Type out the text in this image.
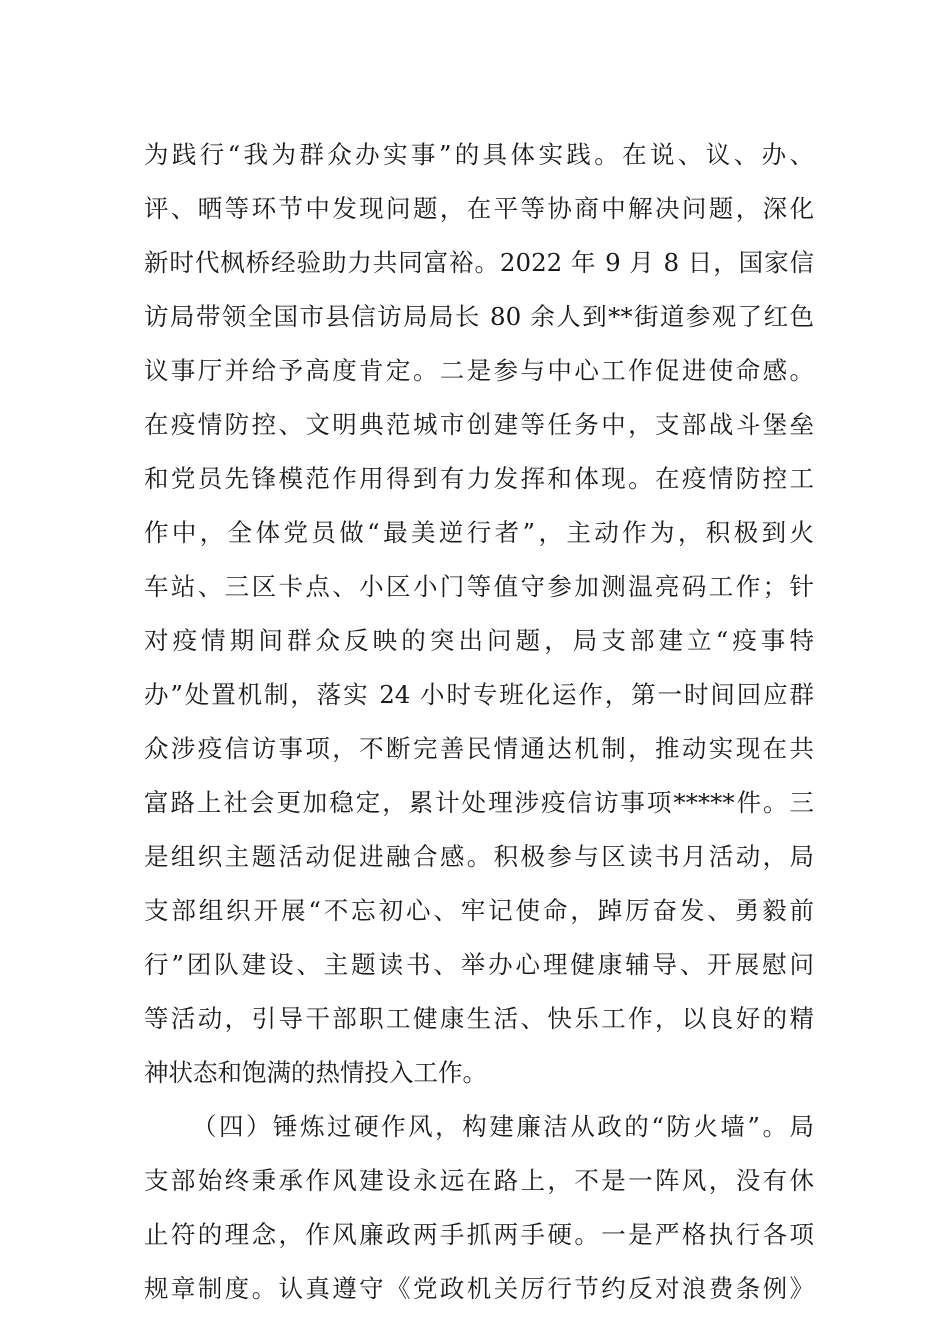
为践行“我为群众办实事”的具体实践。在说、议、办、
评、晒等环节中发现问题，在平等协商中解决问题，深化
新时代枫桥经验助力共同富裕。2022 年 9 月 8 日，国家信
访局带领全国市县信访局局长 80 余人到**街道参观了红色
议事厅并给予高度肯定。二是参与中心工作促进使命感。
在疫情防控、文明典范城市创建等任务中，支部战斗堡垒
和党员先锋模范作用得到有力发挥和体现。在疫情防控工
作中，全体党员做“最美逆行者”，主动作为，积极到火
车站、三区卡点、小区小门等值守参加测温亮码工作；针
对疫情期间群众反映的突出问题，局支部建立“疫事特
办”处置机制，落实 24 小时专班化运作，第一时间回应群
众涉疫信访事项，不断完善民情通达机制，推动实现在共
富路上社会更加稳定，累计处理涉疫信访事项*****件。三
是组织主题活动促进融合感。积极参与区读书月活动，局
支部组织开展“不忘初心、牢记使命，踔厉奋发、勇毅前
行”团队建设、主题读书、举办心理健康辅导、开展慰问
等活动，引导干部职工健康生活、快乐工作，以良好的精
神状态和饱满的热情投入工作。
（四）锤炼过硬作风，构建廉洁从政的“防火墙”。局
支部始终秉承作风建设永远在路上，不是一阵风，没有休
止符的理念，作风廉政两手抓两手硬。一是严格执行各项
规章制度。认真遵守《党政机关厉行节约反对浪费条例》
